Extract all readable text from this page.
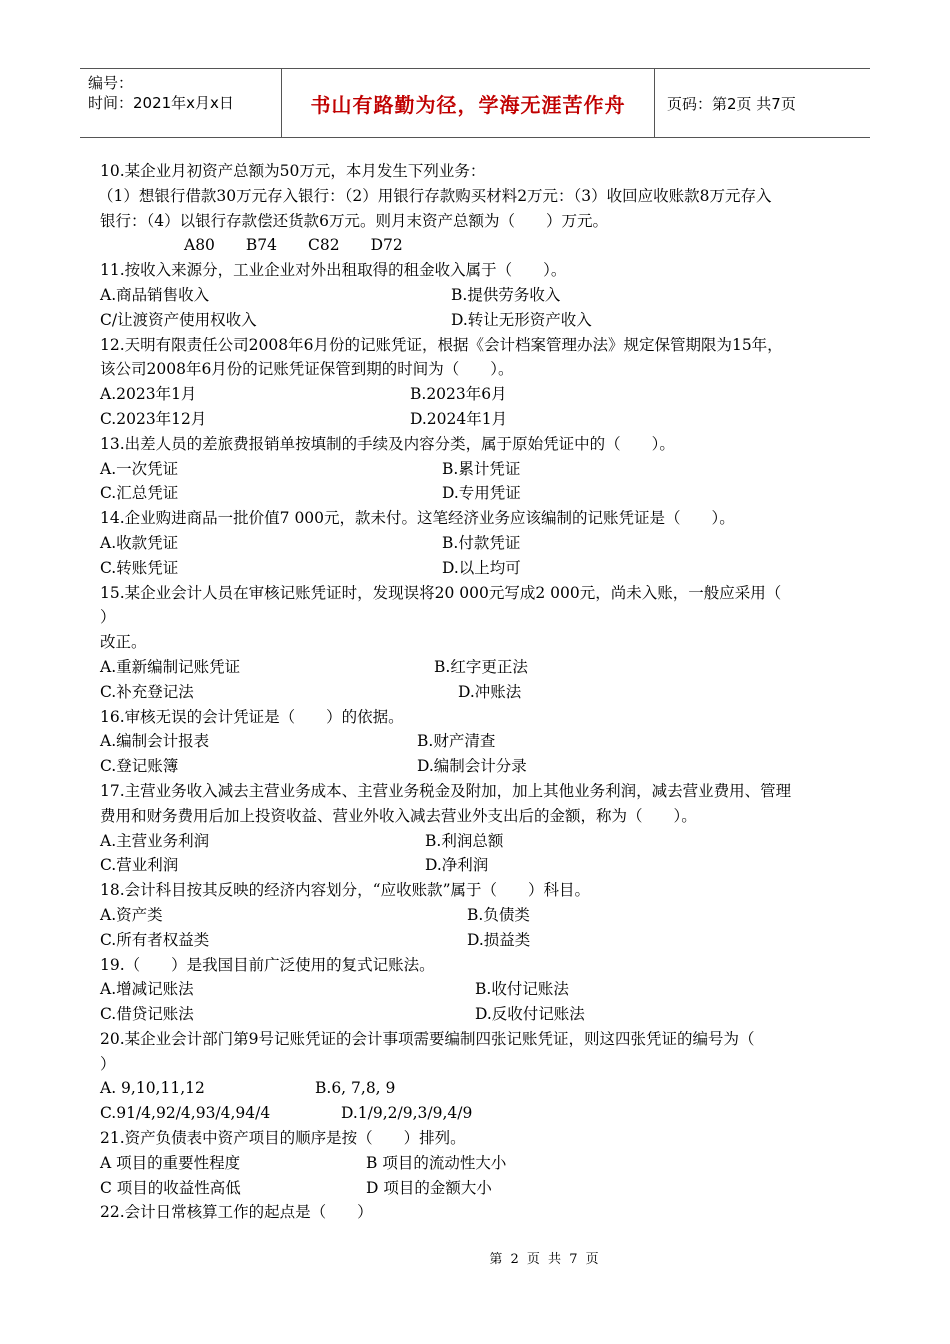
编号：
时间：2021年x月x日	书山有路勤为径，学海无涯苦作舟	页码：第2页 共7页
10.某企业月初资产总额为50万元，本月发生下列业务：
（1）想银行借款30万元存入银行：（2）用银行存款购买材料2万元：（3）收回应收账款8万元存入
银行：（4）以银行存款偿还货款6万元。则月末资产总额为（　　）万元。
A80　　B74　　C82　　D72
11.按收入来源分，工业企业对外出租取得的租金收入属于（　　）。
A.商品销售收入	B.提供劳务收入
C/让渡资产使用权收入	D.转让无形资产收入
12.天明有限责任公司2008年6月份的记账凭证，根据《会计档案管理办法》规定保管期限为15年，
该公司2008年6月份的记账凭证保管到期的时间为（　　）。
A.2023年1月	B.2023年6月
C.2023年12月	D.2024年1月
13.出差人员的差旅费报销单按填制的手续及内容分类，属于原始凭证中的（　　）。
A.一次凭证	B.累计凭证
C.汇总凭证	D.专用凭证
14.企业购进商品一批价值7 000元，款未付。这笔经济业务应该编制的记账凭证是（　　）。
A.收款凭证	B.付款凭证
C.转账凭证	D.以上均可
15.某企业会计人员在审核记账凭证时，发现误将20 000元写成2 000元，尚未入账，一般应采用（
）
改正。
A.重新编制记账凭证	B.红字更正法
C.补充登记法	D.冲账法
16.审核无误的会计凭证是（　　）的依据。
A.编制会计报表	B.财产清查
C.登记账簿	D.编制会计分录
17.主营业务收入减去主营业务成本、主营业务税金及附加，加上其他业务利润，减去营业费用、管理
费用和财务费用后加上投资收益、营业外收入减去营业外支出后的金额，称为（　　）。
A.主营业务利润	B.利润总额
C.营业利润	D.净利润
18.会计科目按其反映的经济内容划分，“应收账款”属于（　　）科目。
A.资产类	B.负债类
C.所有者权益类	D.损益类
19.（　　）是我国目前广泛使用的复式记账法。
A.增减记账法	B.收付记账法
C.借贷记账法	D.反收付记账法
20.某企业会计部门第9号记账凭证的会计事项需要编制四张记账凭证，则这四张凭证的编号为（
）
A. 9,10,11,12	B.6, 7,8, 9
C.91/4,92/4,93/4,94/4	D.1/9,2/9,3/9,4/9
21.资产负债表中资产项目的顺序是按（　　）排列。
A 项目的重要性程度	B 项目的流动性大小
C 项目的收益性高低	D 项目的金额大小
22.会计日常核算工作的起点是（　　）
第 2 页 共 7 页
